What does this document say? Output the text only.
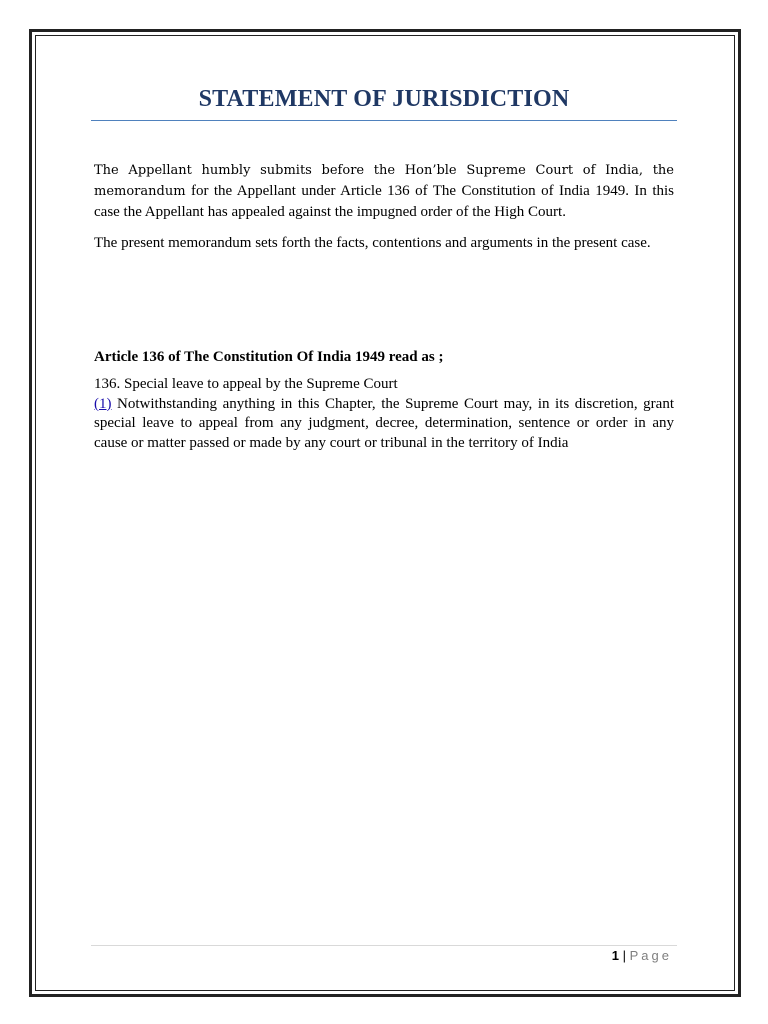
STATEMENT OF JURISDICTION

The Appellant humbly submits before the Hon’ble Supreme Court of India, the memorandum for the Appellant under Article 136 of The Constitution of India 1949. In this case the Appellant has appealed against the impugned order of the High Court.

The present memorandum sets forth the facts, contentions and arguments in the present case.

Article 136 of The Constitution Of India 1949 read as ;

136. Special leave to appeal by the Supreme Court

(1) Notwithstanding anything in this Chapter, the Supreme Court may, in its discretion, grant special leave to appeal from any judgment, decree, determination, sentence or order in any cause or matter passed or made by any court or tribunal in the territory of India

1 | Page
